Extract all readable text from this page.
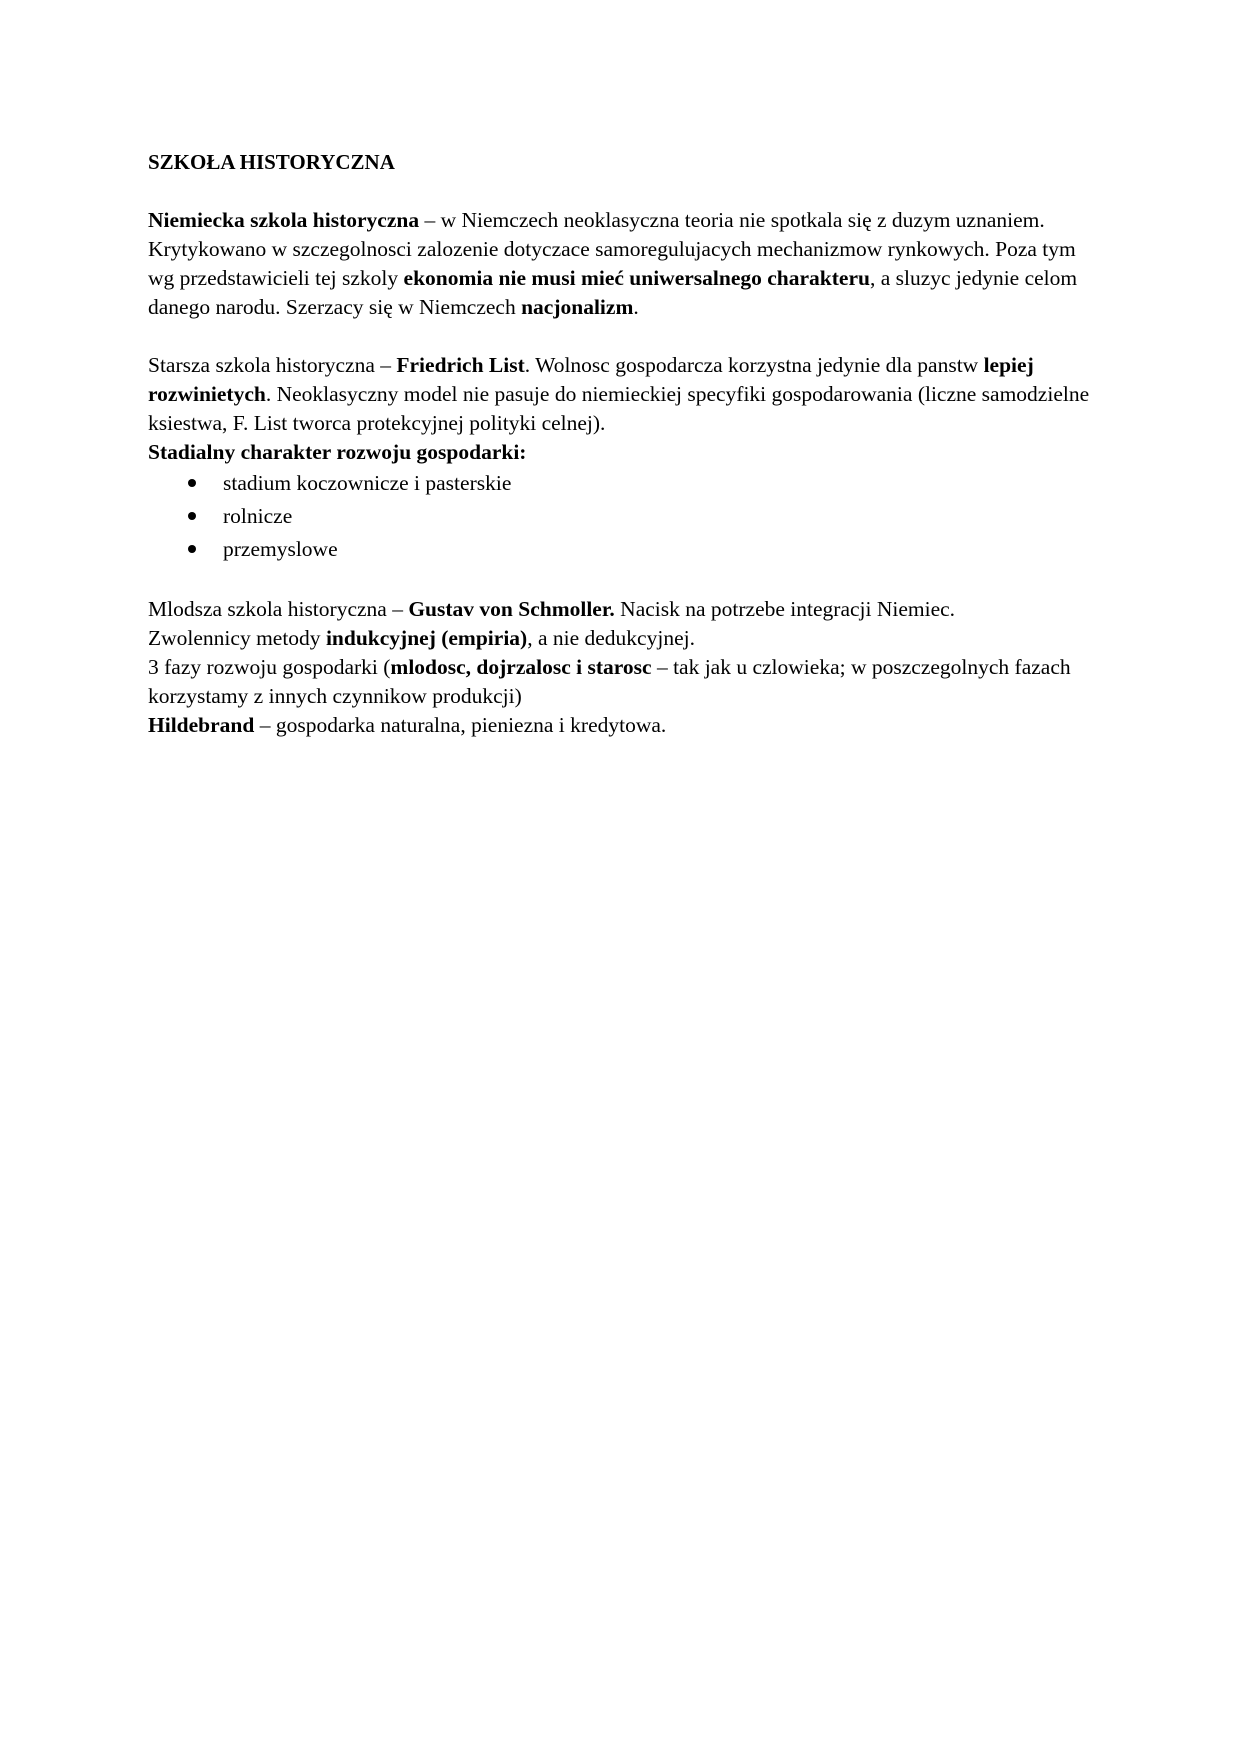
SZKOŁA HISTORYCZNA

Niemiecka szkola historyczna – w Niemczech neoklasyczna teoria nie spotkala się z duzym uznaniem. Krytykowano w szczegolnosci zalozenie dotyczace samoregulujacych mechanizmow rynkowych. Poza tym wg przedstawicieli tej szkoly ekonomia nie musi mieć uniwersalnego charakteru, a sluzyc jedynie celom danego narodu. Szerzacy się w Niemczech nacjonalizm.

Starsza szkola historyczna – Friedrich List. Wolnosc gospodarcza korzystna jedynie dla panstw lepiej rozwinietych. Neoklasyczny model nie pasuje do niemieckiej specyfiki gospodarowania (liczne samodzielne ksiestwa, F. List tworca protekcyjnej polityki celnej).

Stadialny charakter rozwoju gospodarki:

stadium koczownicze i pasterskie
rolnicze
przemyslowe

Mlodsza szkola historyczna – Gustav von Schmoller. Nacisk na potrzebe integracji Niemiec.

Zwolennicy metody indukcyjnej (empiria), a nie dedukcyjnej.

3 fazy rozwoju gospodarki (mlodosc, dojrzalosc i starosc – tak jak u czlowieka; w poszczegolnych fazach korzystamy z innych czynnikow produkcji)

Hildebrand – gospodarka naturalna, pieniezna i kredytowa.
